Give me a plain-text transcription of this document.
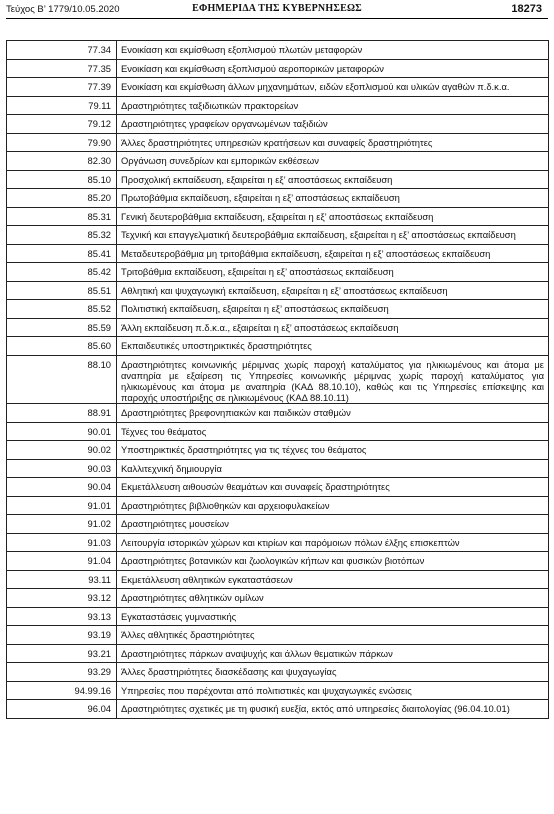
Τεύχος Β’ 1779/10.05.2020	ΕΦΗΜΕΡΙΔΑ ΤΗΣ ΚΥΒΕΡΝΗΣΕΩΣ	18273
77.34	Ενοικίαση και εκμίσθωση εξοπλισμού πλωτών μεταφορών
77.35	Ενοικίαση και εκμίσθωση εξοπλισμού αεροπορικών μεταφορών
77.39	Ενοικίαση και εκμίσθωση άλλων μηχανημάτων, ειδών εξοπλισμού και υλικών αγαθών π.δ.κ.α.
79.11	Δραστηριότητες ταξιδιωτικών πρακτορείων
79.12	Δραστηριότητες γραφείων οργανωμένων ταξιδιών
79.90	Άλλες δραστηριότητες υπηρεσιών κρατήσεων και συναφείς δραστηριότητες
82.30	Οργάνωση συνεδρίων και εμπορικών εκθέσεων
85.10	Προσχολική εκπαίδευση, εξαιρείται η εξ’ αποστάσεως εκπαίδευση
85.20	Πρωτοβάθμια εκπαίδευση, εξαιρείται η εξ’ αποστάσεως εκπαίδευση
85.31	Γενική δευτεροβάθμια εκπαίδευση, εξαιρείται η εξ’ αποστάσεως εκπαίδευση
85.32	Τεχνική και επαγγελματική δευτεροβάθμια εκπαίδευση, εξαιρείται η εξ’ αποστάσεως εκπαίδευση
85.41	Μεταδευτεροβάθμια μη τριτοβάθμια εκπαίδευση, εξαιρείται η εξ’ αποστάσεως εκπαίδευση
85.42	Τριτοβάθμια εκπαίδευση, εξαιρείται η εξ’ αποστάσεως εκπαίδευση
85.51	Αθλητική και ψυχαγωγική εκπαίδευση, εξαιρείται η εξ’ αποστάσεως εκπαίδευση
85.52	Πολιτιστική εκπαίδευση, εξαιρείται η εξ’ αποστάσεως εκπαίδευση
85.59	Άλλη εκπαίδευση π.δ.κ.α., εξαιρείται η εξ’ αποστάσεως εκπαίδευση
85.60	Εκπαιδευτικές υποστηρικτικές δραστηριότητες
88.10	Δραστηριότητες κοινωνικής μέριμνας χωρίς παροχή καταλύματος για ηλικιωμένους και άτομα με αναπηρία με εξαίρεση τις Υπηρεσίες κοινωνικής μέριμνας χωρίς παροχή καταλύματος για ηλικιωμένους και άτομα με αναπηρία (ΚΑΔ 88.10.10), καθώς και τις Υπηρεσίες επίσκεψης και παροχής υποστήριξης σε ηλικιωμένους (ΚΑΔ 88.10.11)
88.91	Δραστηριότητες βρεφονηπιακών και παιδικών σταθμών
90.01	Τέχνες του θεάματος
90.02	Υποστηρικτικές δραστηριότητες για τις τέχνες του θεάματος
90.03	Καλλιτεχνική δημιουργία
90.04	Εκμετάλλευση αιθουσών θεαμάτων και συναφείς δραστηριότητες
91.01	Δραστηριότητες βιβλιοθηκών και αρχειοφυλακείων
91.02	Δραστηριότητες μουσείων
91.03	Λειτουργία ιστορικών χώρων και κτιρίων και παρόμοιων πόλων έλξης επισκεπτών
91.04	Δραστηριότητες βοτανικών και ζωολογικών κήπων και φυσικών βιοτόπων
93.11	Εκμετάλλευση αθλητικών εγκαταστάσεων
93.12	Δραστηριότητες αθλητικών ομίλων
93.13	Εγκαταστάσεις γυμναστικής
93.19	Άλλες αθλητικές δραστηριότητες
93.21	Δραστηριότητες πάρκων αναψυχής και άλλων θεματικών πάρκων
93.29	Άλλες δραστηριότητες διασκέδασης και ψυχαγωγίας
94.99.16	Υπηρεσίες που παρέχονται από πολιτιστικές και ψυχαγωγικές ενώσεις
96.04	Δραστηριότητες σχετικές με τη φυσική ευεξία, εκτός από υπηρεσίες διαιτολογίας (96.04.10.01)
